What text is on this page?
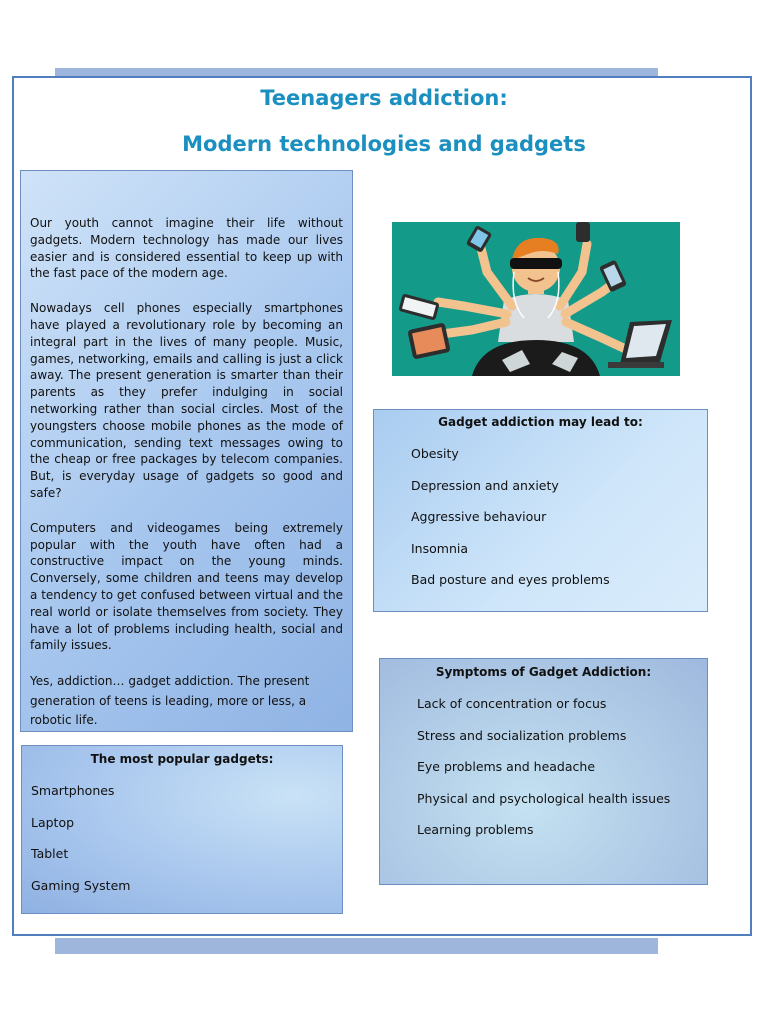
Teenagers addiction:
Modern technologies and gadgets

Our youth cannot imagine their life without gadgets. Modern technology has made our lives easier and is considered essential to keep up with the fast pace of the modern age.

Nowadays cell phones especially smartphones have played a revolutionary role by becoming an integral part in the lives of many people. Music, games, networking, emails and calling is just a click away. The present generation is smarter than their parents as they prefer indulging in social networking rather than social circles. Most of the youngsters choose mobile phones as the mode of communication, sending text messages owing to the cheap or free packages by telecom companies. But, is everyday usage of gadgets so good and safe?

Computers and videogames being extremely popular with the youth have often had a constructive impact on the young minds. Conversely, some children and teens may develop a tendency to get confused between virtual and the real world or isolate themselves from society. They have a lot of problems including health, social and family issues.

Yes, addiction… gadget addiction. The present generation of teens is leading, more or less, a robotic life.

Gadget addiction may lead to:
Obesity
Depression and anxiety
Aggressive behaviour
Insomnia
Bad posture and eyes problems
Symptoms of Gadget Addiction:
Lack of concentration or focus
Stress and socialization problems
Eye problems and headache
Physical and psychological health issues
Learning problems
The most popular gadgets:
Smartphones
Laptop
Tablet
Gaming System
